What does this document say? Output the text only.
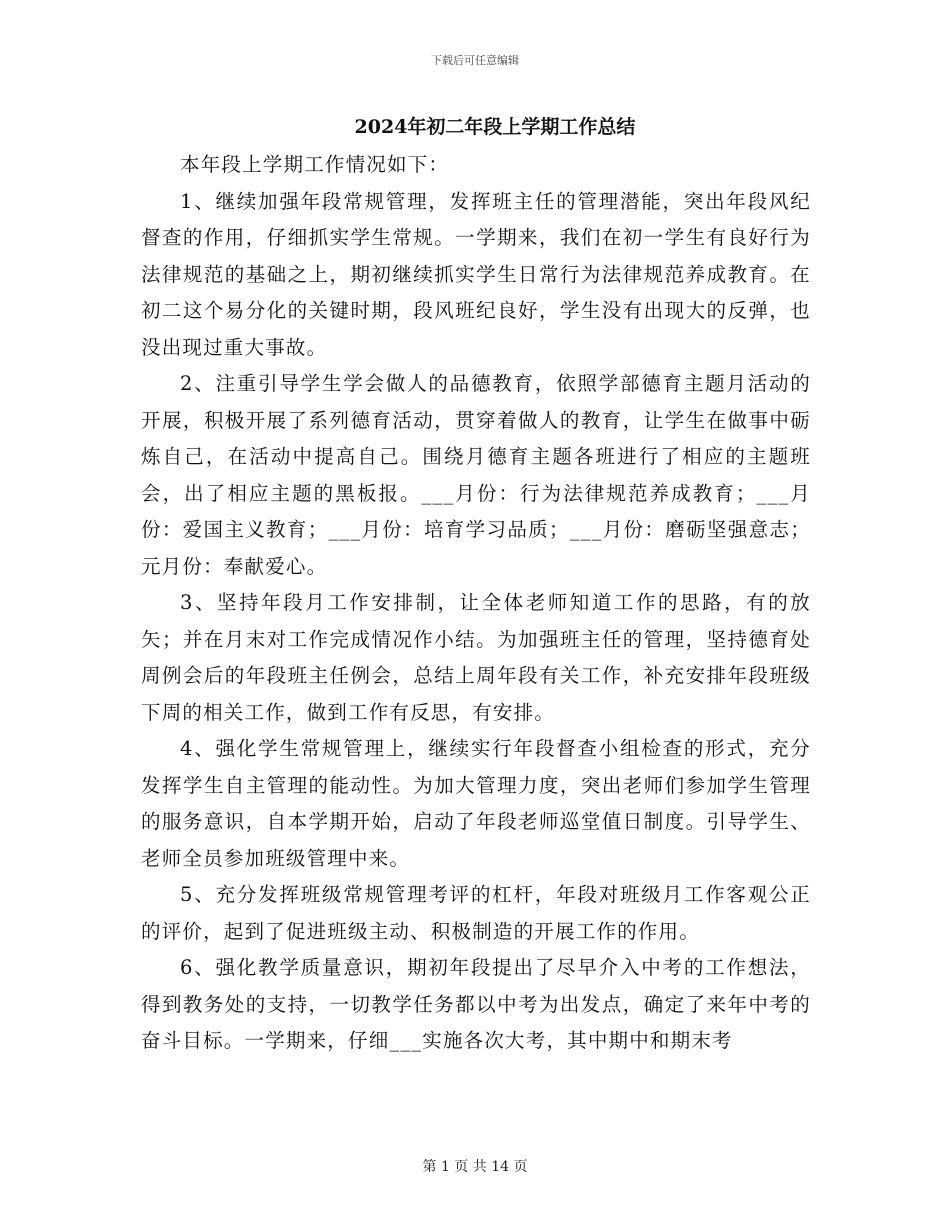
下载后可任意编辑
2024年初二年段上学期工作总结

本年段上学期工作情况如下：

1、继续加强年段常规管理，发挥班主任的管理潜能，突出年段风纪督查的作用，仔细抓实学生常规。一学期来，我们在初一学生有良好行为法律规范的基础之上，期初继续抓实学生日常行为法律规范养成教育。在初二这个易分化的关键时期，段风班纪良好，学生没有出现大的反弹，也没出现过重大事故。

2、注重引导学生学会做人的品德教育，依照学部德育主题月活动的开展，积极开展了系列德育活动，贯穿着做人的教育，让学生在做事中砺炼自己，在活动中提高自己。围绕月德育主题各班进行了相应的主题班会，出了相应主题的黑板报。___月份：行为法律规范养成教育；___月份：爱国主义教育；___月份：培育学习品质；___月份：磨砺坚强意志；元月份：奉献爱心。

3、坚持年段月工作安排制，让全体老师知道工作的思路，有的放矢；并在月末对工作完成情况作小结。为加强班主任的管理，坚持德育处周例会后的年段班主任例会，总结上周年段有关工作，补充安排年段班级下周的相关工作，做到工作有反思，有安排。

4、强化学生常规管理上，继续实行年段督查小组检查的形式，充分发挥学生自主管理的能动性。为加大管理力度，突出老师们参加学生管理的服务意识，自本学期开始，启动了年段老师巡堂值日制度。引导学生、老师全员参加班级管理中来。

5、充分发挥班级常规管理考评的杠杆，年段对班级月工作客观公正的评价，起到了促进班级主动、积极制造的开展工作的作用。

6、强化教学质量意识，期初年段提出了尽早介入中考的工作想法，得到教务处的支持，一切教学任务都以中考为出发点，确定了来年中考的奋斗目标。一学期来，仔细___实施各次大考，其中期中和期末考

第 1 页 共 14 页
